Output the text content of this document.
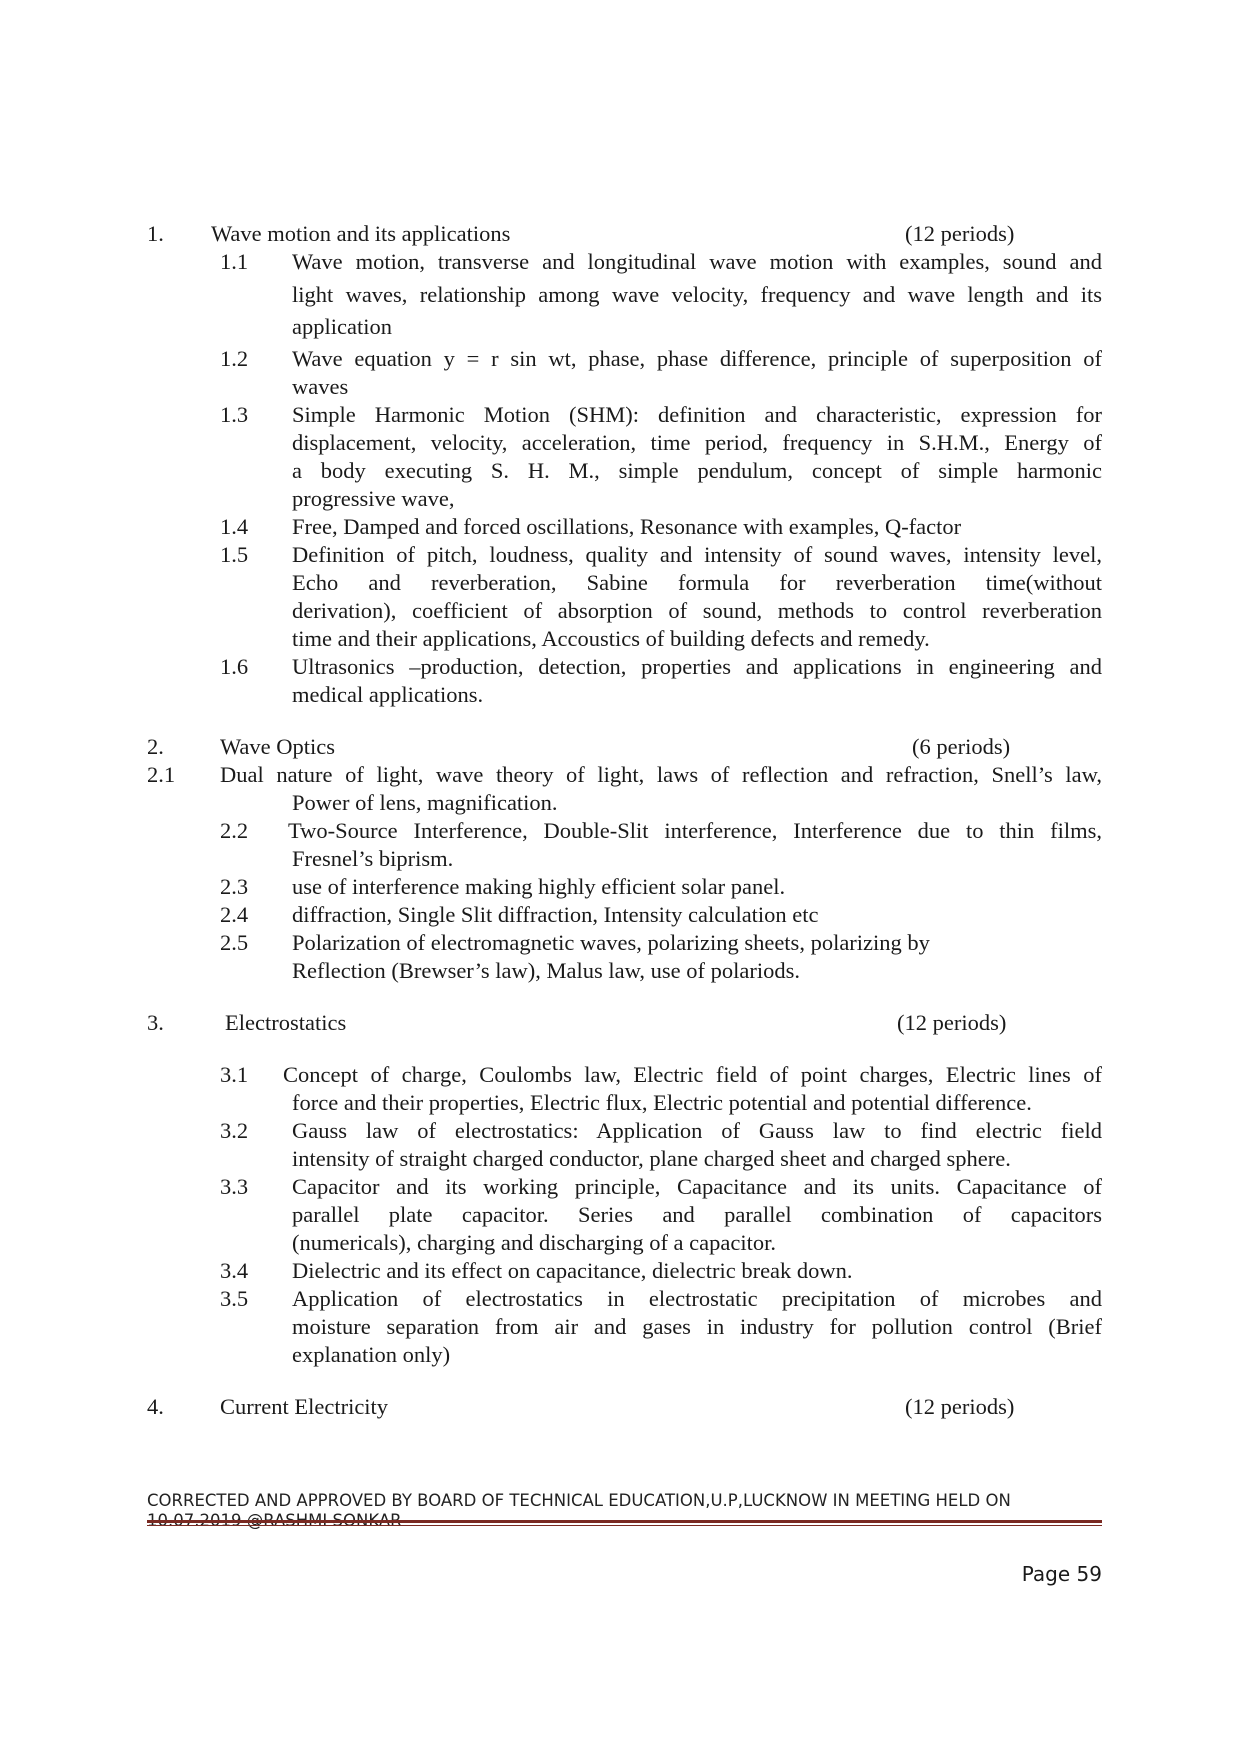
1. Wave motion and its applications	(12 periods)
1.1 Wave motion, transverse and longitudinal wave motion with examples, sound and
light waves, relationship among wave velocity, frequency and wave length and its
application
1.2 Wave equation y = r sin wt, phase, phase difference, principle of superposition of
waves
1.3 Simple Harmonic Motion (SHM): definition and characteristic, expression for
displacement, velocity, acceleration, time period, frequency in S.H.M., Energy of
a body executing S. H. M., simple pendulum, concept of simple harmonic
progressive wave,
1.4 Free, Damped and forced oscillations, Resonance with examples, Q-factor
1.5 Definition of pitch, loudness, quality and intensity of sound waves, intensity level,
Echo and reverberation, Sabine formula for reverberation time(without
derivation), coefficient of absorption of sound, methods to control reverberation
time and their applications, Accoustics of building defects and remedy.
1.6 Ultrasonics –production, detection, properties and applications in engineering and
medical applications.
2. Wave Optics	(6 periods)
2.1 Dual nature of light, wave theory of light, laws of reflection and refraction, Snell’s law,
Power of lens, magnification.
2.2 Two-Source Interference, Double-Slit interference, Interference due to thin films,
Fresnel’s biprism.
2.3 use of interference making highly efficient solar panel.
2.4 diffraction, Single Slit diffraction, Intensity calculation etc
2.5 Polarization of electromagnetic waves, polarizing sheets, polarizing by
Reflection (Brewser’s law), Malus law, use of polariods.
3.	Electrostatics	(12 periods)
3.1 Concept of charge, Coulombs law, Electric field of point charges, Electric lines of
force and their properties, Electric flux, Electric potential and potential difference.
3.2 Gauss law of electrostatics: Application of Gauss law to find electric field
intensity of straight charged conductor, plane charged sheet and charged sphere.
3.3 Capacitor and its working principle, Capacitance and its units. Capacitance of
parallel plate capacitor. Series and parallel combination of capacitors
(numericals), charging and discharging of a capacitor.
3.4 Dielectric and its effect on capacitance, dielectric break down.
3.5 Application of electrostatics in electrostatic precipitation of microbes and
moisture separation from air and gases in industry for pollution control (Brief
explanation only)
4. Current Electricity	(12 periods)
CORRECTED AND APPROVED BY BOARD OF TECHNICAL EDUCATION,U.P,LUCKNOW IN MEETING HELD ON
Page 59
